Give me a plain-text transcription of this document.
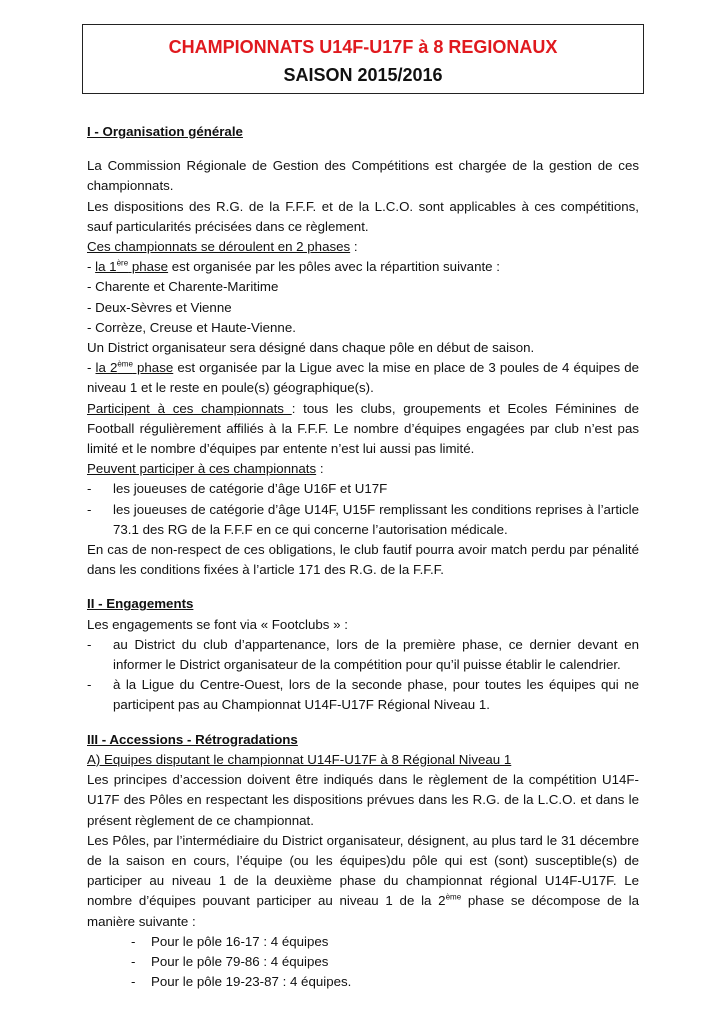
CHAMPIONNATS U14F-U17F à 8 REGIONAUX
SAISON 2015/2016

I - Organisation générale

La Commission Régionale de Gestion des Compétitions est chargée de la gestion de ces championnats.

Les dispositions des R.G. de la F.F.F. et de la L.C.O. sont applicables à ces compétitions, sauf particularités précisées dans ce règlement.

Ces championnats se déroulent en 2 phases :

- la 1ère phase est organisée par les pôles avec la répartition suivante :

- Charente et Charente-Maritime

- Deux-Sèvres et Vienne

- Corrèze, Creuse et Haute-Vienne.

Un District organisateur sera désigné dans chaque pôle en début de saison.

- la 2ème phase est organisée par la Ligue avec la mise en place de 3 poules de 4 équipes de niveau 1 et le reste en poule(s) géographique(s).

Participent à ces championnats : tous les clubs, groupements et Ecoles Féminines de Football régulièrement affiliés à la F.F.F. Le nombre d’équipes engagées par club n’est pas limité et le nombre d’équipes par entente n’est lui aussi pas limité.

Peuvent participer à ces championnats :

-	les joueuses de catégorie d’âge U16F et U17F
-	les joueuses de catégorie d’âge U14F, U15F remplissant les conditions reprises à l’article 73.1 des RG de la F.F.F en ce qui concerne l’autorisation médicale.

En cas de non-respect de ces obligations, le club fautif pourra avoir match perdu par pénalité dans les conditions fixées à l’article 171 des R.G. de la F.F.F.

II - Engagements

Les engagements se font via « Footclubs » :

-	au District du club d’appartenance, lors de la première phase, ce dernier devant en informer le District organisateur de la compétition pour qu’il puisse établir le calendrier.
-	à la Ligue du Centre-Ouest, lors de la seconde phase, pour toutes les équipes qui ne participent pas au Championnat U14F-U17F Régional Niveau 1.

III - Accessions - Rétrogradations

A) Equipes disputant le championnat U14F-U17F à 8 Régional Niveau 1

Les principes d’accession doivent être indiqués dans le règlement de la compétition U14F-U17F des Pôles en respectant les dispositions prévues dans les R.G. de la L.C.O. et dans le présent règlement de ce championnat.

Les Pôles, par l’intermédiaire du District organisateur, désignent, au plus tard le 31 décembre de la saison en cours, l’équipe (ou les équipes)du pôle qui est (sont) susceptible(s) de participer au niveau 1 de la deuxième phase du championnat régional U14F-U17F. Le nombre d’équipes pouvant participer au niveau 1 de la 2ème phase se décompose de la manière suivante :

-	Pour le pôle 16-17 : 4 équipes
-	Pour le pôle 79-86 : 4 équipes
-	Pour le pôle 19-23-87 : 4 équipes.
